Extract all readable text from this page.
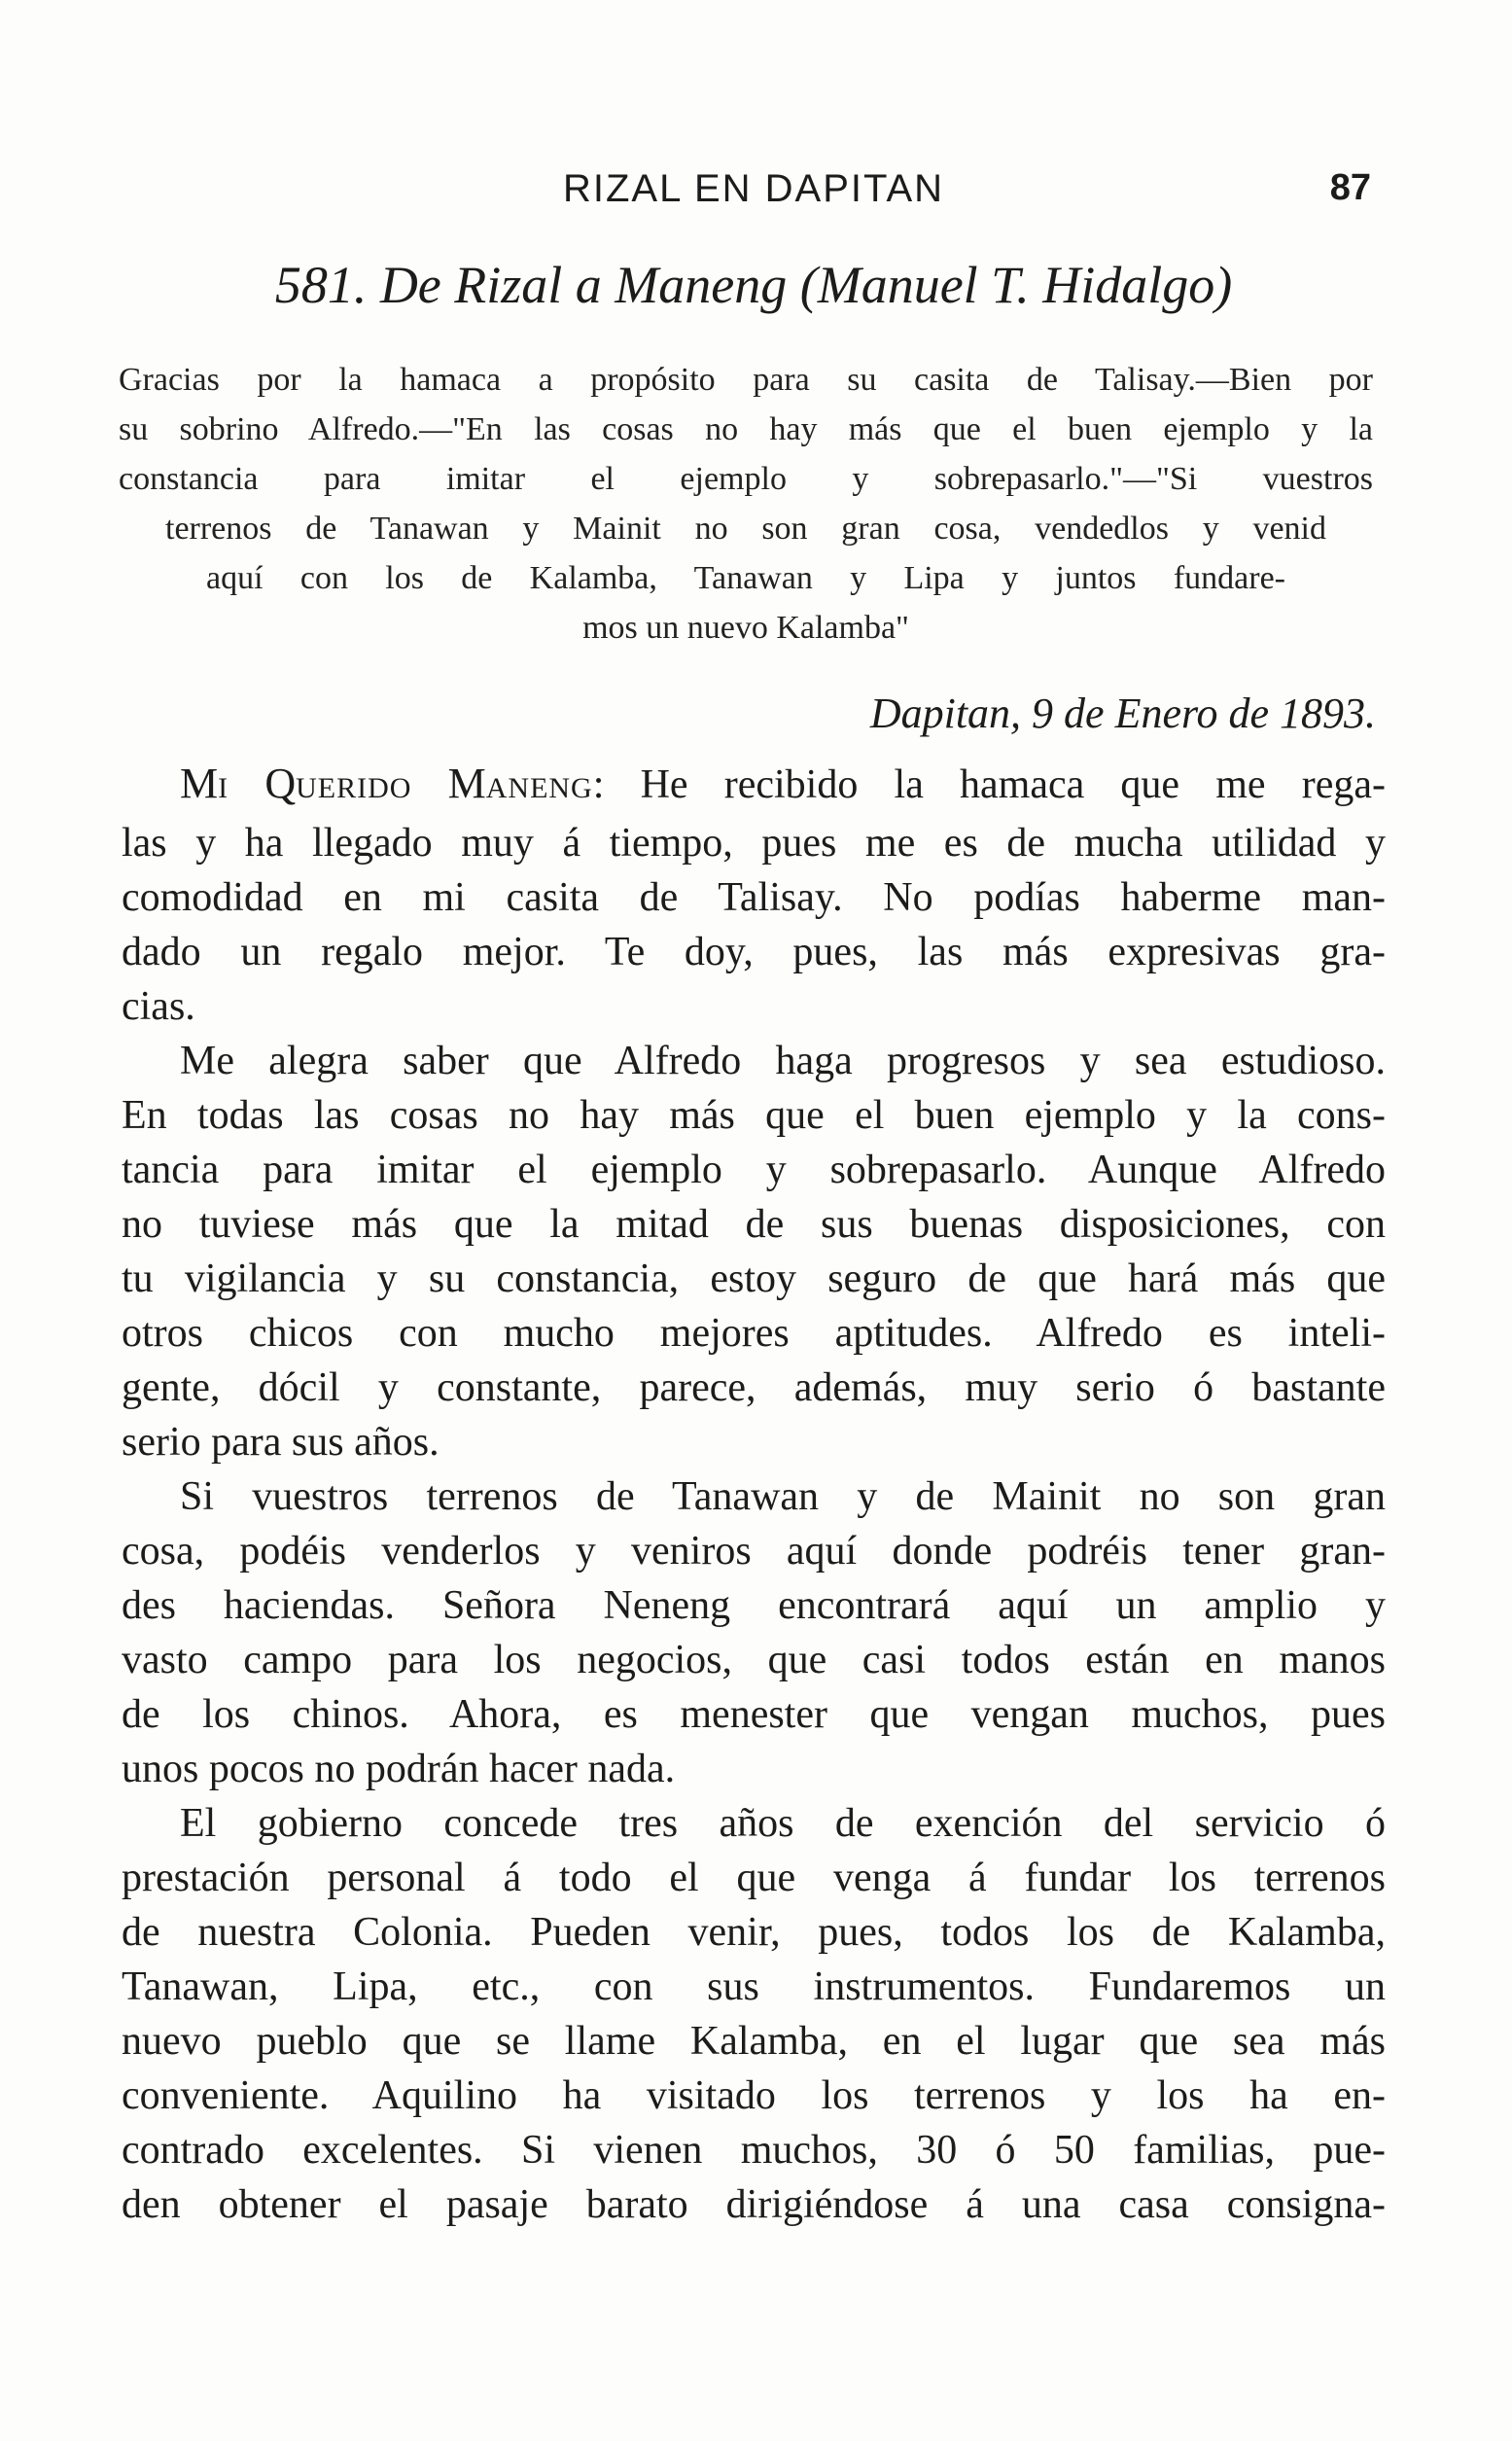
RIZAL EN DAPITAN	87
581. De Rizal a Maneng (Manuel T. Hidalgo)
Gracias por la hamaca a propósito para su casita de Talisay.—Bien por
su sobrino Alfredo.—"En las cosas no hay más que el buen ejemplo y la
constancia para imitar el ejemplo y sobrepasarlo."—"Si vuestros
terrenos de Tanawan y Mainit no son gran cosa, vendedlos y venid
aquí con los de Kalamba, Tanawan y Lipa y juntos fundare-
mos un nuevo Kalamba"
Dapitan, 9 de Enero de 1893.
MI QUERIDO MANENG: He recibido la hamaca que me rega-
las y ha llegado muy á tiempo, pues me es de mucha utilidad y
comodidad en mi casita de Talisay. No podías haberme man-
dado un regalo mejor. Te doy, pues, las más expresivas gra-
cias.
Me alegra saber que Alfredo haga progresos y sea estudioso.
En todas las cosas no hay más que el buen ejemplo y la cons-
tancia para imitar el ejemplo y sobrepasarlo. Aunque Alfredo
no tuviese más que la mitad de sus buenas disposiciones, con
tu vigilancia y su constancia, estoy seguro de que hará más que
otros chicos con mucho mejores aptitudes. Alfredo es inteli-
gente, dócil y constante, parece, además, muy serio ó bastante
serio para sus años.
Si vuestros terrenos de Tanawan y de Mainit no son gran
cosa, podéis venderlos y veniros aquí donde podréis tener gran-
des haciendas. Señora Neneng encontrará aquí un amplio y
vasto campo para los negocios, que casi todos están en manos
de los chinos. Ahora, es menester que vengan muchos, pues
unos pocos no podrán hacer nada.
El gobierno concede tres años de exención del servicio ó
prestación personal á todo el que venga á fundar los terrenos
de nuestra Colonia. Pueden venir, pues, todos los de Kalamba,
Tanawan, Lipa, etc., con sus instrumentos. Fundaremos un
nuevo pueblo que se llame Kalamba, en el lugar que sea más
conveniente. Aquilino ha visitado los terrenos y los ha en-
contrado excelentes. Si vienen muchos, 30 ó 50 familias, pue-
den obtener el pasaje barato dirigiéndose á una casa consigna-
